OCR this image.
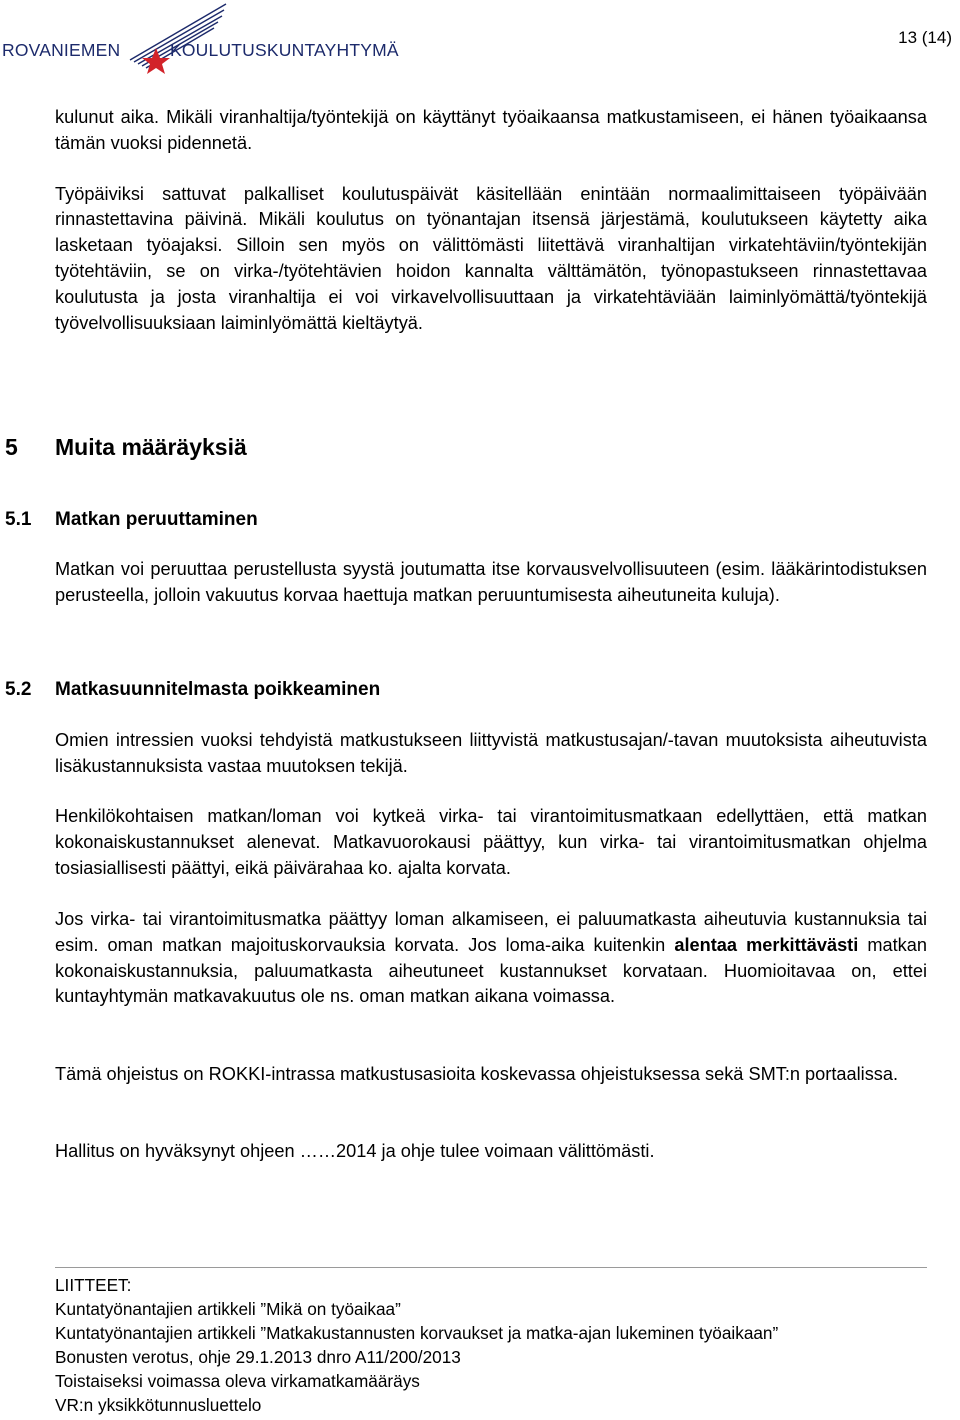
ROVANIEMEN	KOULUTUSKUNTAYHTYMÄ
13 (14)

kulunut aika. Mikäli viranhaltija/työntekijä on käyttänyt työaikaansa matkustamiseen, ei hänen työaikaansa tämän vuoksi pidennetä.

Työpäiviksi sattuvat palkalliset koulutuspäivät käsitellään enintään normaalimittaiseen työpäivään rinnastettavina päivinä. Mikäli koulutus on työnantajan itsensä järjestämä, koulutukseen käytetty aika lasketaan työajaksi. Silloin sen myös on välittömästi liitettävä viranhaltijan virkatehtäviin/työntekijän työtehtäviin, se on virka-/työtehtävien hoidon kannalta välttämätön, työnopastukseen rinnastettavaa koulutusta ja josta viranhaltija ei voi virkavelvollisuuttaan ja virkatehtäviään laiminlyömättä/työntekijä työvelvollisuuksiaan laiminlyömättä kieltäytyä.

5 Muita määräyksiä
5.1 Matkan peruuttaminen

Matkan voi peruuttaa perustellusta syystä joutumatta itse korvausvelvollisuuteen (esim. lääkärintodistuksen perusteella, jolloin vakuutus korvaa haettuja matkan peruuntumisesta aiheutuneita kuluja).

5.2 Matkasuunnitelmasta poikkeaminen

Omien intressien vuoksi tehdyistä matkustukseen liittyvistä matkustusajan/-tavan muutoksista aiheutuvista lisäkustannuksista vastaa muutoksen tekijä.

Henkilökohtaisen matkan/loman voi kytkeä virka- tai virantoimitusmatkaan edellyttäen, että matkan kokonaiskustannukset alenevat. Matkavuorokausi päättyy, kun virka- tai virantoimitusmatkan ohjelma tosiasiallisesti päättyi, eikä päivärahaa ko. ajalta korvata.

Jos virka- tai virantoimitusmatka päättyy loman alkamiseen, ei paluumatkasta aiheutuvia kustannuksia tai esim. oman matkan majoituskorvauksia korvata. Jos loma-aika kuitenkin alentaa merkittävästi matkan kokonaiskustannuksia, paluumatkasta aiheutuneet kustannukset korvataan. Huomioitavaa on, ettei kuntayhtymän matkavakuutus ole ns. oman matkan aikana voimassa.

Tämä ohjeistus on ROKKI-intrassa matkustusasioita koskevassa ohjeistuksessa sekä SMT:n portaalissa.

Hallitus on hyväksynyt ohjeen ……2014 ja ohje tulee voimaan välittömästi.

LIITTEET:

Kuntatyönantajien artikkeli ”Mikä on työaikaa”

Kuntatyönantajien artikkeli ”Matkakustannusten korvaukset ja matka-ajan lukeminen työaikaan”

Bonusten verotus, ohje 29.1.2013 dnro A11/200/2013

Toistaiseksi voimassa oleva virkamatkamääräys

VR:n yksikkötunnusluettelo
